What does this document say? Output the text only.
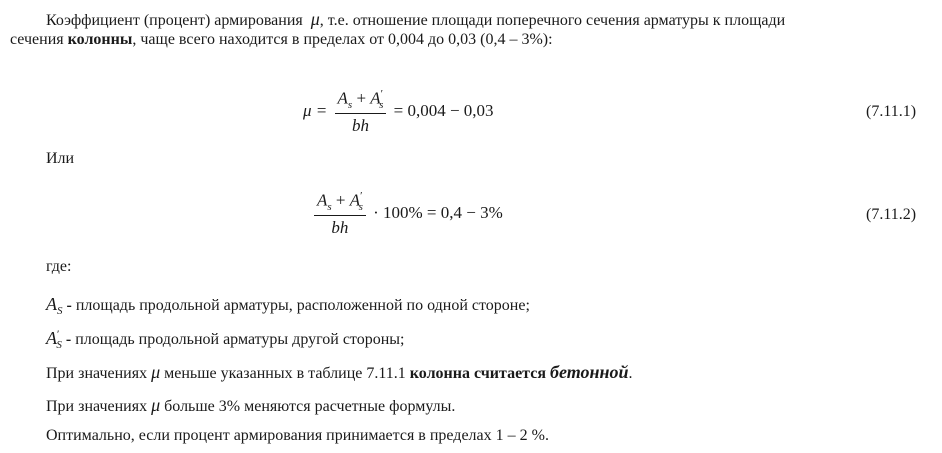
Коэффициент (процент) армирования μ, т.е. отношение площади поперечного сечения арматуры к площади
сечения колонны, чаще всего находится в пределах от 0,004 до 0,03 (0,4 – 3%):
$\mu = \frac{A_s + A'_s}{bh} = 0,004 - 0,03$	(7.11.1)
Или
$\frac{A_s + A'_s}{bh} \cdot 100\% = 0,4 - 3\%$	(7.11.2)
где:
$A_S$ - площадь продольной арматуры, расположенной по одной стороне;
$A'_S$ - площадь продольной арматуры другой стороны;
При значениях μ меньше указанных в таблице 7.11.1 колонна считается бетонной.
При значениях μ больше 3% меняются расчетные формулы.
Оптимально, если процент армирования принимается в пределах 1 – 2 %.
